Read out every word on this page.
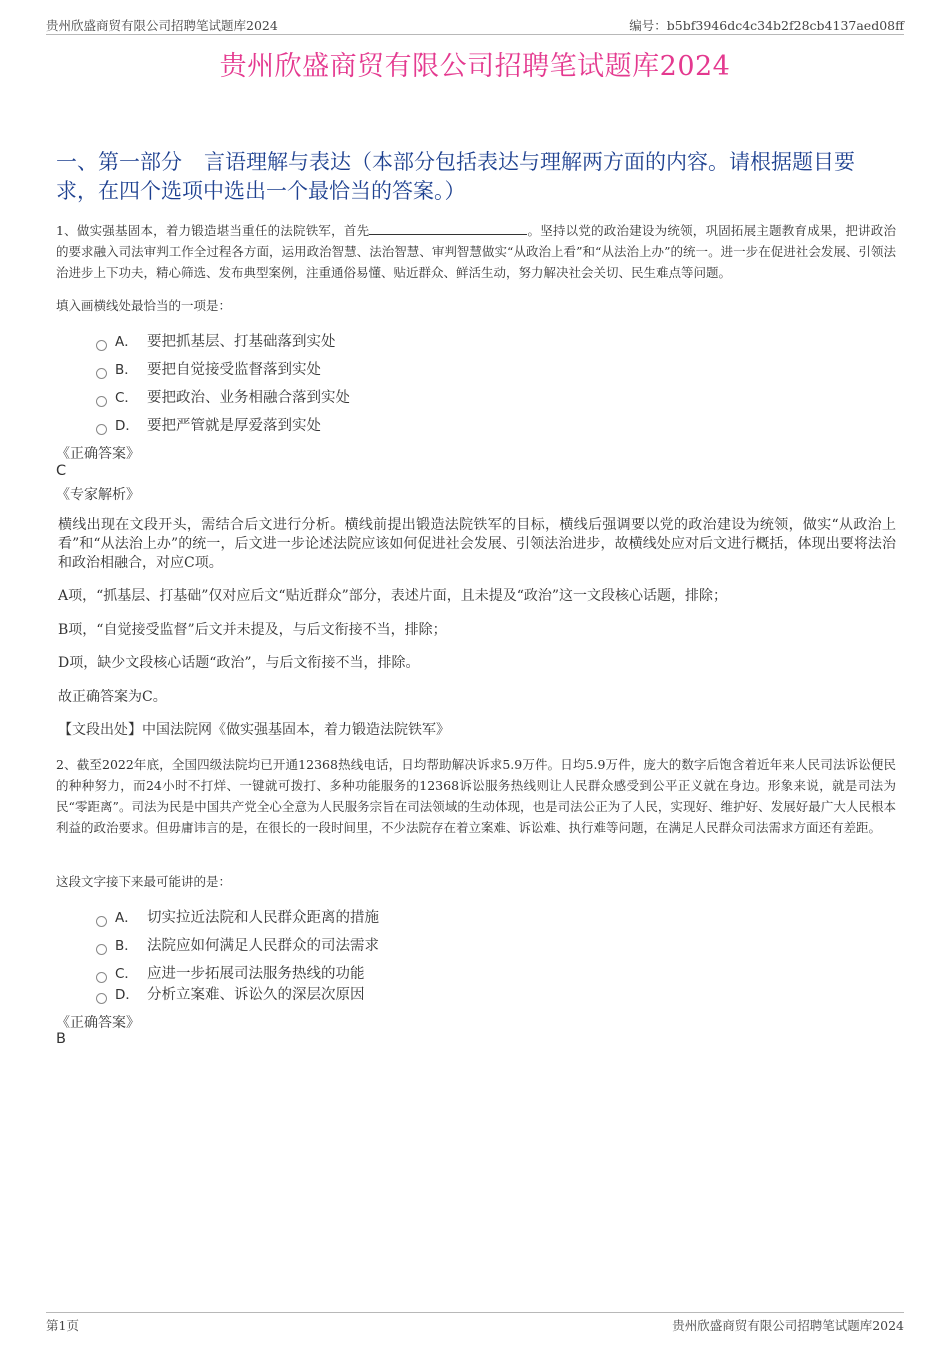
贵州欣盛商贸有限公司招聘笔试题库2024	编号：b5bf3946dc4c34b2f28cb4137aed08ff
贵州欣盛商贸有限公司招聘笔试题库2024
一、第一部分 言语理解与表达（本部分包括表达与理解两方面的内容。请根据题目要求，在四个选项中选出一个最恰当的答案。）

1、做实强基固本，着力锻造堪当重任的法院铁军，首先	。坚持以党的政治建设为统领，巩固拓展主题教育成果，把讲政治的要求融入司法审判工作全过程各方面，运用政治智慧、法治智慧、审判智慧做实“从政治上看”和“从法治上办”的统一。进一步在促进社会发展、引领法治进步上下功夫，精心筛选、发布典型案例，注重通俗易懂、贴近群众、鲜活生动，努力解决社会关切、民生难点等问题。

填入画横线处最恰当的一项是：
A． 要把抓基层、打基础落到实处
B． 要把自觉接受监督落到实处
C． 要把政治、业务相融合落到实处
D． 要把严管就是厚爱落到实处
《正确答案》
C
《专家解析》

横线出现在文段开头，需结合后文进行分析。横线前提出锻造法院铁军的目标，横线后强调要以党的政治建设为统领，做实“从政治上看”和“从法治上办”的统一，后文进一步论述法院应该如何促进社会发展、引领法治进步，故横线处应对后文进行概括，体现出要将法治和政治相融合，对应C项。

A项，“抓基层、打基础”仅对应后文“贴近群众”部分，表述片面，且未提及“政治”这一文段核心话题，排除；

B项，“自觉接受监督”后文并未提及，与后文衔接不当，排除；

D项，缺少文段核心话题“政治”，与后文衔接不当，排除。

故正确答案为C。

【文段出处】中国法院网《做实强基固本，着力锻造法院铁军》

2、截至2022年底，全国四级法院均已开通12368热线电话，日均帮助解决诉求5.9万件。日均5.9万件，庞大的数字后饱含着近年来人民司法诉讼便民的种种努力，而24小时不打烊、一键就可拨打、多种功能服务的12368诉讼服务热线则让人民群众感受到公平正义就在身边。形象来说，就是司法为民“零距离”。司法为民是中国共产党全心全意为人民服务宗旨在司法领域的生动体现，也是司法公正为了人民，实现好、维护好、发展好最广大人民根本利益的政治要求。但毋庸讳言的是，在很长的一段时间里，不少法院存在着立案难、诉讼难、执行难等问题，在满足人民群众司法需求方面还有差距。

这段文字接下来最可能讲的是：
A． 切实拉近法院和人民群众距离的措施
B． 法院应如何满足人民群众的司法需求
C． 应进一步拓展司法服务热线的功能
D． 分析立案难、诉讼久的深层次原因
《正确答案》
B
第1页	贵州欣盛商贸有限公司招聘笔试题库2024
